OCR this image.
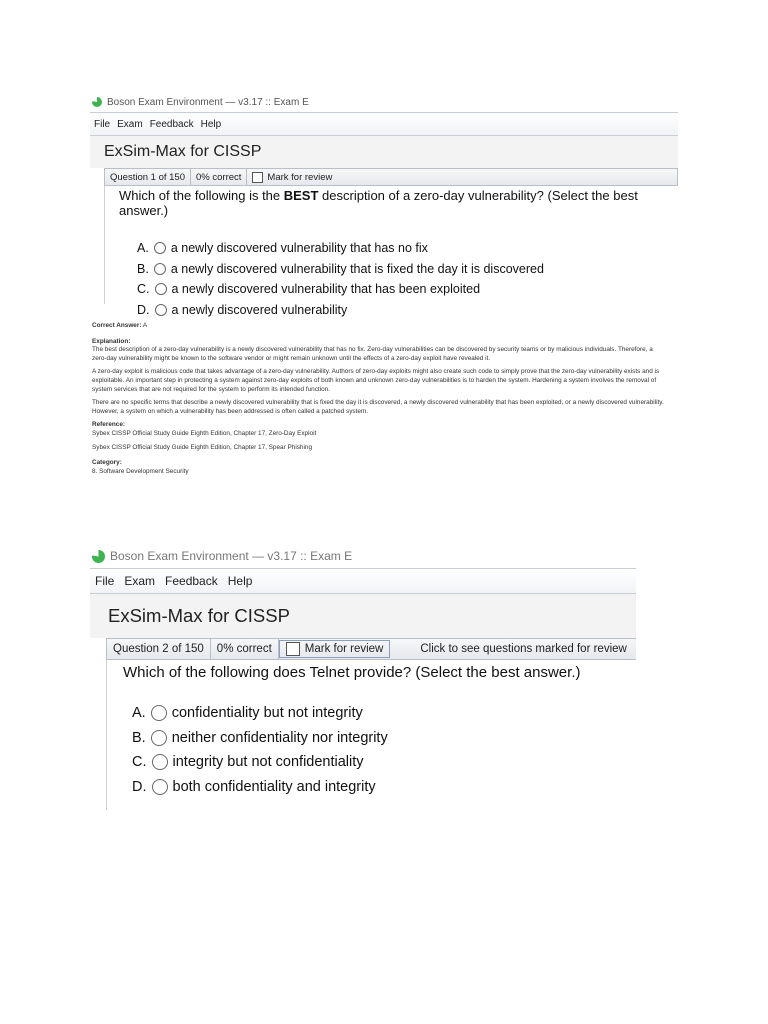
Boson Exam Environment — v3.17 :: Exam E
File Exam Feedback Help
ExSim-Max for CISSP
Question 1 of 150	0% correct	Mark for review
Which of the following is the BEST description of a zero-day vulnerability? (Select the best answer.)
A. a newly discovered vulnerability that has no fix
B. a newly discovered vulnerability that is fixed the day it is discovered
C. a newly discovered vulnerability that has been exploited
D. a newly discovered vulnerability

Correct Answer: A

Explanation:

The best description of a zero-day vulnerability is a newly discovered vulnerability that has no fix. Zero-day vulnerabilities can be discovered by security teams or by malicious individuals. Therefore, a zero-day vulnerability might be known to the software vendor or might remain unknown until the effects of a zero-day exploit have revealed it.

A zero-day exploit is malicious code that takes advantage of a zero-day vulnerability. Authors of zero-day exploits might also create such code to simply prove that the zero-day vulnerability exists and is exploitable. An important step in protecting a system against zero-day exploits of both known and unknown zero-day vulnerabilities is to harden the system. Hardening a system involves the removal of system services that are not required for the system to perform its intended function.

There are no specific terms that describe a newly discovered vulnerability that is fixed the day it is discovered, a newly discovered vulnerability that has been exploited, or a newly discovered vulnerability. However, a system on which a vulnerability has been addressed is often called a patched system.

Reference:

Sybex CISSP Official Study Guide Eighth Edition, Chapter 17, Zero-Day Exploit

Sybex CISSP Official Study Guide Eighth Edition, Chapter 17, Spear Phishing

Category:

8. Software Development Security

Boson Exam Environment — v3.17 :: Exam E
File Exam Feedback Help
ExSim-Max for CISSP
Question 2 of 150	0% correct	Mark for review	Click to see questions marked for review
Which of the following does Telnet provide? (Select the best answer.)
A. confidentiality but not integrity
B. neither confidentiality nor integrity
C. integrity but not confidentiality
D. both confidentiality and integrity
